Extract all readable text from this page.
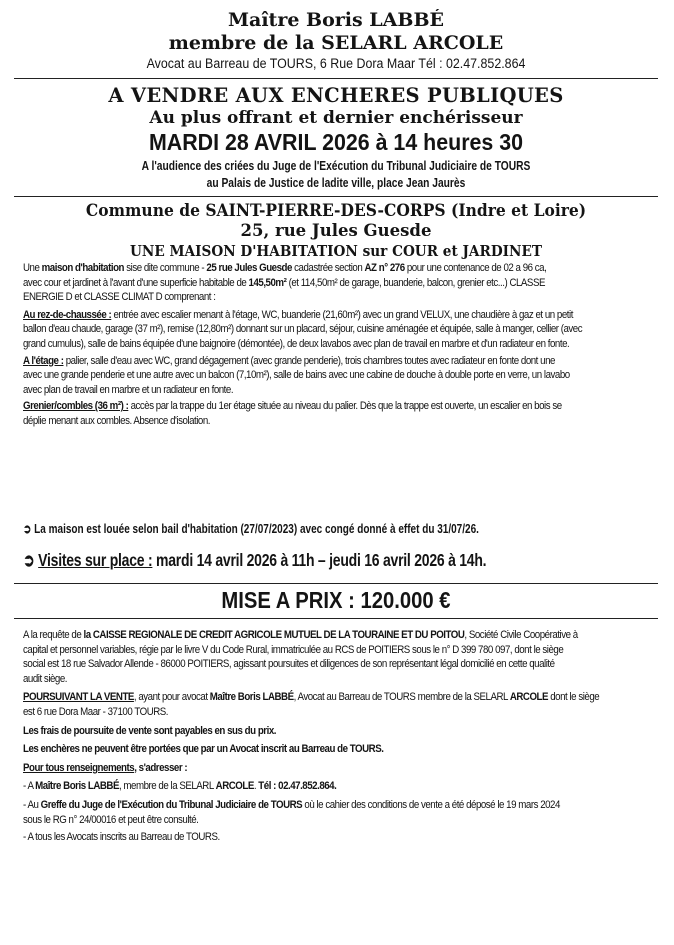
Maître Boris LABBÉ
membre de la SELARL ARCOLE
Avocat au Barreau de TOURS, 6 Rue Dora Maar Tél : 02.47.852.864
A VENDRE AUX ENCHERES PUBLIQUES
Au plus offrant et dernier enchérisseur
MARDI 28 AVRIL 2026 à 14 heures 30
A l'audience des criées du Juge de l'Exécution du Tribunal Judiciaire de TOURS
au Palais de Justice de ladite ville, place Jean Jaurès
Commune de SAINT-PIERRE-DES-CORPS (Indre et Loire)
25, rue Jules Guesde
UNE MAISON D'HABITATION sur COUR et JARDINET
Une maison d'habitation sise dite commune - 25 rue Jules Guesde cadastrée section AZ n° 276 pour une contenance de 02 a 96 ca,
avec cour et jardinet à l'avant d'une superficie habitable de 145,50m² (et 114,50m² de garage, buanderie, balcon, grenier etc...) CLASSE
ENERGIE D et CLASSE CLIMAT D comprenant :
Au rez-de-chaussée : entrée avec escalier menant à l'étage, WC, buanderie (21,60m²) avec un grand VELUX, une chaudière à gaz et un petit
ballon d'eau chaude, garage (37 m²), remise (12,80m²) donnant sur un placard, séjour, cuisine aménagée et équipée, salle à manger, cellier (avec
grand cumulus), salle de bains équipée d'une baignoire (démontée), de deux lavabos avec plan de travail en marbre et d'un radiateur en fonte.
A l'étage : palier, salle d'eau avec WC, grand dégagement (avec grande penderie), trois chambres toutes avec radiateur en fonte dont une
avec une grande penderie et une autre avec un balcon (7,10m²), salle de bains avec une cabine de douche à double porte en verre, un lavabo
avec plan de travail en marbre et un radiateur en fonte.
Grenier/combles (36 m²) : accès par la trappe du 1er étage située au niveau du palier. Dès que la trappe est ouverte, un escalier en bois se
déplie menant aux combles. Absence d'isolation.
➲ La maison est louée selon bail d'habitation (27/07/2023) avec congé donné à effet du 31/07/26.
➲ Visites sur place : mardi 14 avril 2026 à 11h – jeudi 16 avril 2026 à 14h.
MISE A PRIX : 120.000 €
A la requête de la CAISSE REGIONALE DE CREDIT AGRICOLE MUTUEL DE LA TOURAINE ET DU POITOU, Société Civile Coopérative à
capital et personnel variables, régie par le livre V du Code Rural, immatriculée au RCS de POITIERS sous le n° D 399 780 097, dont le siège
social est 18 rue Salvador Allende - 86000 POITIERS, agissant poursuites et diligences de son représentant légal domicilié en cette qualité
audit siège.
POURSUIVANT LA VENTE, ayant pour avocat Maître Boris LABBÉ, Avocat au Barreau de TOURS membre de la SELARL ARCOLE dont le siège
est 6 rue Dora Maar - 37100 TOURS.
Les frais de poursuite de vente sont payables en sus du prix.
Les enchères ne peuvent être portées que par un Avocat inscrit au Barreau de TOURS.
Pour tous renseignements, s'adresser :
- A Maître Boris LABBÉ, membre de la SELARL ARCOLE. Tél : 02.47.852.864.
- Au Greffe du Juge de l'Exécution du Tribunal Judiciaire de TOURS où le cahier des conditions de vente a été déposé le 19 mars 2024
sous le RG n° 24/00016 et peut être consulté.
- A tous les Avocats inscrits au Barreau de TOURS.
